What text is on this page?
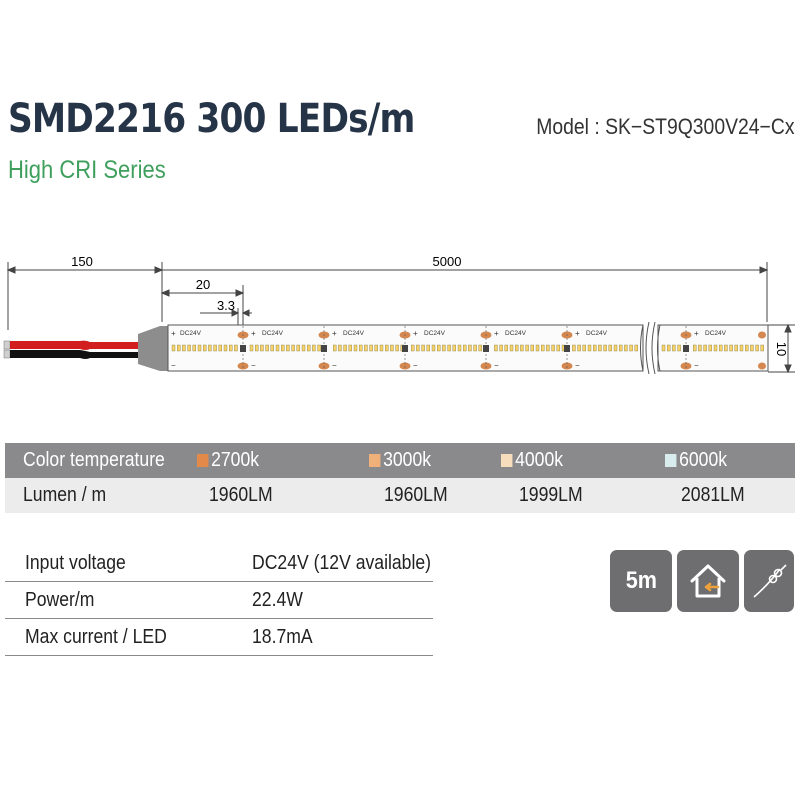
SMD2216 300 LEDs/m
High CRI Series
Model : SK−ST9Q300V24−Cx
150	5000
20
3.3
10
DC24V
+
−
DC24V
+
−
DC24V
+
−
DC24V
+
−
DC24V
+
−
DC24V
+
−
DC24V
+
−
Color temperature	2700k	3000k	4000k	6000k
Lumen / m	1960LM	1960LM	1999LM	2081LM
Input voltage	DC24V (12V available)
Power/m	22.4W
Max current / LED	18.7mA
5m
